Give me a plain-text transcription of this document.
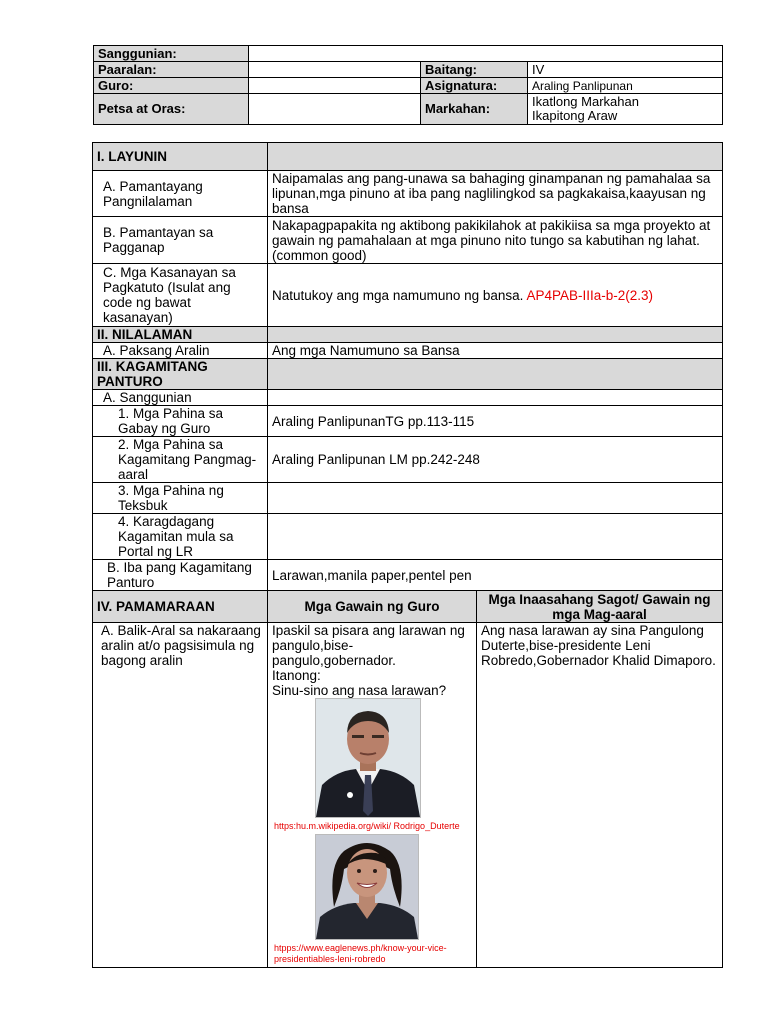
Sanggunian:			
Paaralan:		Baitang:	IV
Guro:		Asignatura:	Araling Panlipunan
Petsa at Oras:		Markahan:	Ikatlong Markahan
Ikapitong Araw
I. LAYUNIN		
A. Pamantayang Pangnilalaman	Naipamalas ang pang-unawa sa bahaging ginampanan ng pamahalaa sa lipunan,mga pinuno at iba pang naglilingkod sa pagkakaisa,kaayusan ng bansa	
B. Pamantayan sa Pagganap	Nakapagpapakita ng aktibong pakikilahok at pakikiisa sa mga proyekto at gawain ng pamahalaan at mga pinuno nito tungo sa kabutihan ng lahat.(common good)	
C. Mga Kasanayan sa Pagkatuto (Isulat ang code ng bawat kasanayan)	Natutukoy ang mga namumuno ng bansa. AP4PAB-IIIa-b-2(2.3)	
II. NILALAMAN		
A. Paksang Aralin	Ang mga Namumuno sa Bansa	
III. KAGAMITANG PANTURO		
A. Sanggunian		
1. Mga Pahina sa Gabay ng Guro	Araling PanlipunanTG pp.113-115	
2. Mga Pahina sa Kagamitang Pangmag-aaral	Araling Panlipunan LM pp.242-248	
3. Mga Pahina ng Teksbuk		
4. Karagdagang Kagamitan mula sa Portal ng LR		
B. Iba pang Kagamitang Panturo	Larawan,manila paper,pentel pen	
IV. PAMAMARAAN	Mga Gawain ng Guro	Mga Inaasahang Sagot/ Gawain ng mga Mag-aaral
A. Balik-Aral sa nakaraang aralin at/o pagsisimula ng bagong aralin	Ipaskil sa pisara ang larawan ng pangulo,bise-pangulo,gobernador.
Itanong:
Sinu-sino ang nasa larawan?
https:hu.m.wikipedia.org/wiki/ Rodrigo_Duterte
htpps://www.eaglenews.ph/know-your-vice-presidentiables-leni-robredo	Ang nasa larawan ay sina Pangulong Duterte,bise-presidente Leni Robredo,Gobernador Khalid Dimaporo.
